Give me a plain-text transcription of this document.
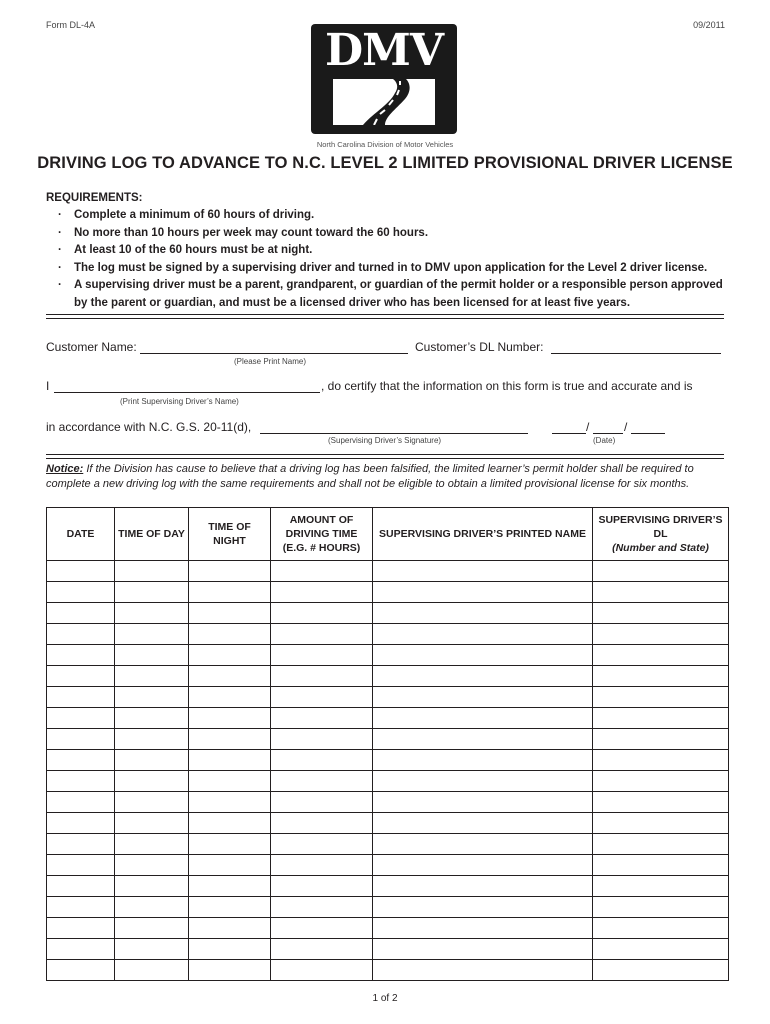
Form DL-4A	09/2011
DMV
North Carolina Division of Motor Vehicles
DRIVING LOG TO ADVANCE TO N.C. LEVEL 2 LIMITED PROVISIONAL DRIVER LICENSE
REQUIREMENTS:
· Complete a minimum of 60 hours of driving.
· No more than 10 hours per week may count toward the 60 hours.
· At least 10 of the 60 hours must be at night.
· The log must be signed by a supervising driver and turned in to DMV upon application for the Level 2 driver license.
· A supervising driver must be a parent, grandparent, or guardian of the permit holder or a responsible person approved by the parent or guardian, and must be a licensed driver who has been licensed for at least five years.
Customer Name:
(Please Print Name)
Customer’s DL Number:
I	, do certify that the information on this form is true and accurate and is
(Print Supervising Driver’s Name)
in accordance with N.C. G.S. 20-11(d),
(Supervising Driver’s Signature)
/	/
(Date)
Notice: If the Division has cause to believe that a driving log has been falsified, the limited learner’s permit holder shall be required to complete a new driving log with the same requirements and shall not be eligible to obtain a limited provisional license for six months.
DATE	TIME OF DAY	TIME OF NIGHT	AMOUNT OF DRIVING TIME (E.G. # HOURS)	SUPERVISING DRIVER’S PRINTED NAME	SUPERVISING DRIVER’S DL
(Number and State)

1 of 2
